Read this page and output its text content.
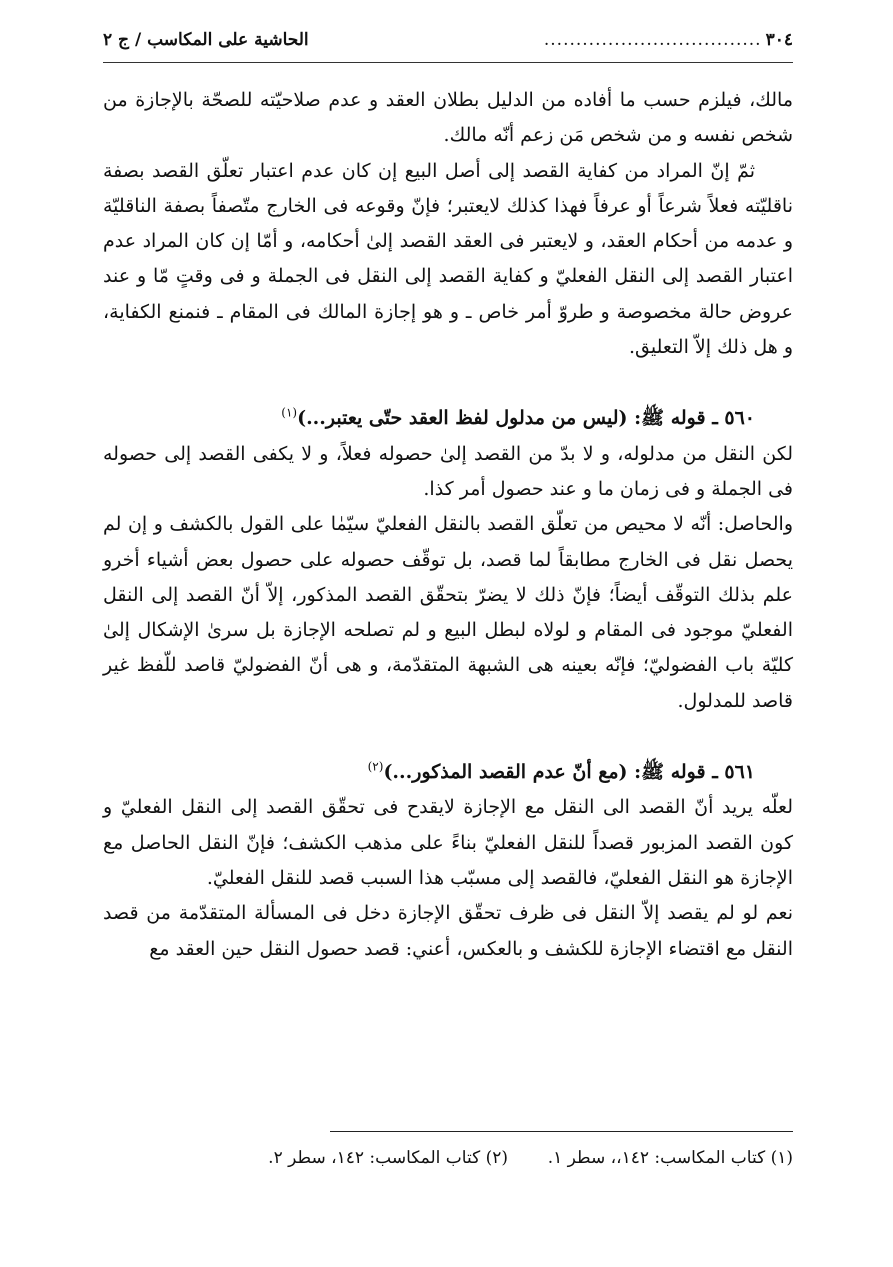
٣٠٤
..................................
الحاشية على المكاسب / ج ٢

مالك، فيلزم حسب ما أفاده من الدليل بطلان العقد و عدم صلاحيّته للصحّة بالإجازة من شخص نفسه و من شخص مَن زعم أنّه مالك.

ثمّ إنّ المراد من كفاية القصد إلى أصل البيع إن كان عدم اعتبار تعلّق القصد بصفة ناقليّته فعلاً شرعاً أو عرفاً فهذا كذلك لايعتبر؛ فإنّ وقوعه فى الخارج متّصفاً بصفة الناقليّة و عدمه من أحكام العقد، و لايعتبر فى العقد القصد إلىٰ أحكامه، و أمّا إن كان المراد عدم اعتبار القصد إلى النقل الفعليّ و كفاية القصد إلى النقل فى الجملة و فى وقتٍ مّا و عند عروض حالة مخصوصة و طروّ أمر خاص ـ و هو إجازة المالك فى المقام ـ فنمنع الكفاية، و هل ذلك إلاّ التعليق.

٥٦٠ ـ قوله ﷺ: (ليس من مدلول لفظ العقد حتّى يعتبر...)$^{(١)}$

لكن النقل من مدلوله، و لا بدّ من القصد إلىٰ حصوله فعلاً، و لا يكفى القصد إلى حصوله فى الجملة و فى زمان ما و عند حصول أمر كذا.

والحاصل: أنّه لا محيص من تعلّق القصد بالنقل الفعليّ سيّمٰا على القول بالكشف و إن لم يحصل نقل فى الخارج مطابقاً لما قصد، بل توقّف حصوله على حصول بعض أشياء أخرو علم بذلك التوقّف أيضاً؛ فإنّ ذلك لا يضرّ بتحقّق القصد المذكور، إلاّ أنّ القصد إلى النقل الفعليّ موجود فى المقام و لولاه لبطل البيع و لم تصلحه الإجازة بل سرىٰ الإشكال إلىٰ كليّة باب الفضوليّ؛ فإنّه بعينه هى الشبهة المتقدّمة، و هى أنّ الفضوليّ قاصد للّفظ غير قاصد للمدلول.

٥٦١ ـ قوله ﷺ: (مع أنّ عدم القصد المذكور...)$^{(٢)}$

لعلّه يريد أنّ القصد الى النقل مع الإجازة لايقدح فى تحقّق القصد إلى النقل الفعليّ و كون القصد المزبور قصداً للنقل الفعليّ بناءً على مذهب الكشف؛ فإنّ النقل الحاصل مع الإجازة هو النقل الفعليّ، فالقصد إلى مسبّب هذا السبب قصد للنقل الفعليّ.

نعم لو لم يقصد إلاّ النقل فى ظرف تحقّق الإجازة دخل فى المسألة المتقدّمة من قصد النقل مع اقتضاء الإجازة للكشف و بالعكس، أعني: قصد حصول النقل حين العقد مع

(١) كتاب المكاسب: ١٤٢،، سطر ١.
(٢) كتاب المكاسب: ١٤٢، سطر ٢.
